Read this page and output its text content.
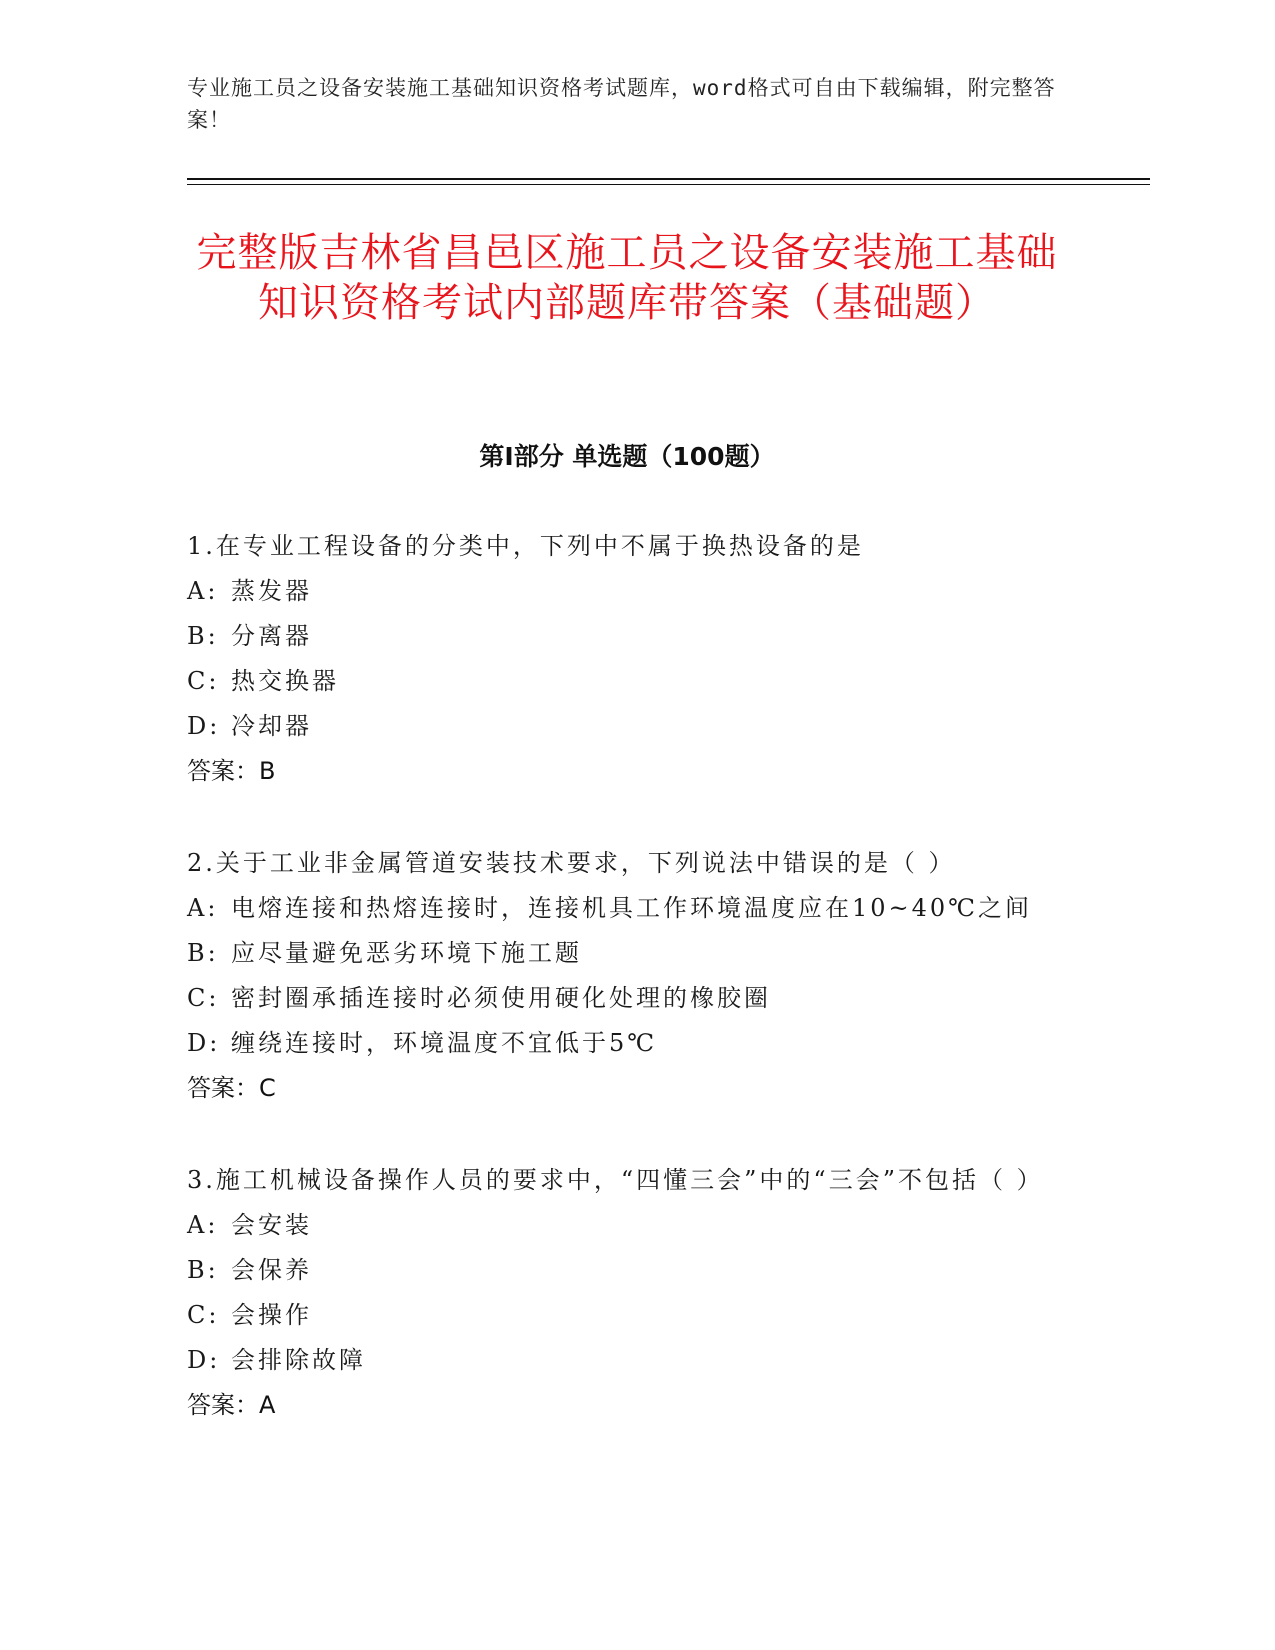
专业施工员之设备安装施工基础知识资格考试题库，word格式可自由下载编辑，附完整答案！
完整版吉林省昌邑区施工员之设备安装施工基础知识资格考试内部题库带答案（基础题）
第Ⅰ部分 单选题（100题）

1.在专业工程设备的分类中，下列中不属于换热设备的是

A: 蒸发器

B: 分离器

C: 热交换器

D: 冷却器

答案：B

2.关于工业非金属管道安装技术要求，下列说法中错误的是（ ）

A: 电熔连接和热熔连接时，连接机具工作环境温度应在10~40℃之间

B: 应尽量避免恶劣环境下施工题

C: 密封圈承插连接时必须使用硬化处理的橡胶圈

D: 缠绕连接时，环境温度不宜低于5℃

答案：C

3.施工机械设备操作人员的要求中，“四懂三会”中的“三会”不包括（ ）

A: 会安装

B: 会保养

C: 会操作

D: 会排除故障

答案：A
